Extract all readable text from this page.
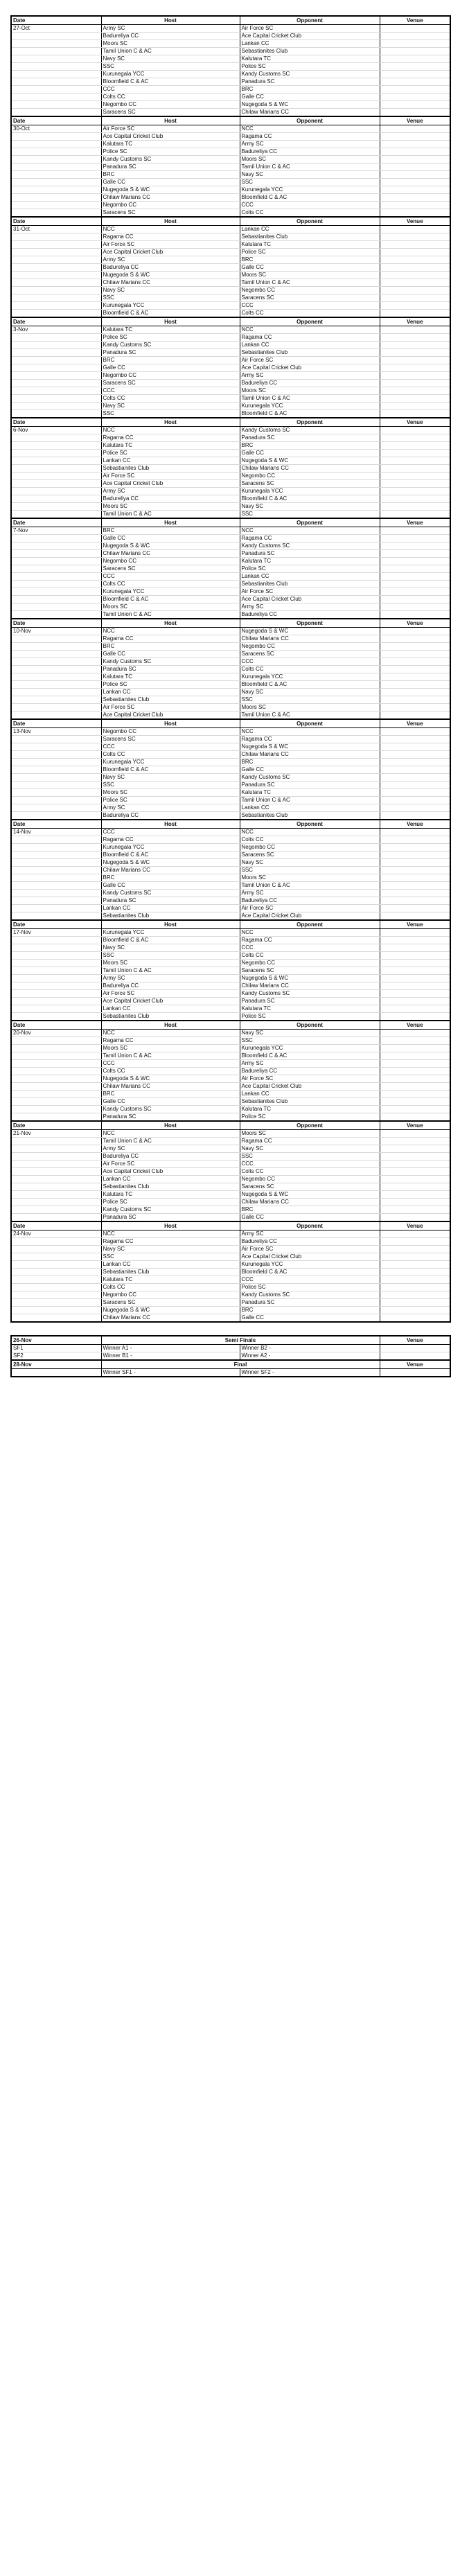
Date	Host	Opponent	Venue
27-Oct	Army SC	Air Force SC	
	Badureliya CC	Ace Capital Cricket Club	
	Moors SC	Lankan CC	
	Tamil Union C & AC	Sebastianites Club	
	Navy SC	Kalutara TC	
	SSC	Police SC	
	Kurunegala YCC	Kandy Customs SC	
	Bloomfield C & AC	Panadura SC	
	CCC	BRC	
	Colts CC	Galle CC	
	Negombo CC	Nugegoda S & WC	
	Saracens SC	Chilaw Marians CC	
Date	Host	Opponent	Venue
30-Oct	Air Force SC	NCC	
	Ace Capital Cricket Club	Ragama CC	
	Kalutara TC	Army SC	
	Police SC	Badureliya CC	
	Kandy Customs SC	Moors SC	
	Panadura SC	Tamil Union C & AC	
	BRC	Navy SC	
	Galle CC	SSC	
	Nugegoda S & WC	Kurunegala YCC	
	Chilaw Marians CC	Bloomfield C & AC	
	Negombo CC	CCC	
	Saracens SC	Colts CC	
Date	Host	Opponent	Venue
31-Oct	NCC	Lankan CC	
	Ragama CC	Sebastianites Club	
	Air Force SC	Kalutara TC	
	Ace Capital Cricket Club	Police SC	
	Army SC	BRC	
	Badureliya CC	Galle CC	
	Nugegoda S & WC	Moors SC	
	Chilaw Marians CC	Tamil Union C & AC	
	Navy SC	Negombo CC	
	SSC	Saracens SC	
	Kurunegala YCC	CCC	
	Bloomfield C & AC	Colts CC	
Date	Host	Opponent	Venue
3-Nov	Kalutara TC	NCC	
	Police SC	Ragama CC	
	Kandy Customs SC	Lankan CC	
	Panadura SC	Sebastianites Club	
	BRC	Air Force SC	
	Galle CC	Ace Capital Cricket Club	
	Negombo CC	Army SC	
	Saracens SC	Badureliya CC	
	CCC	Moors SC	
	Colts CC	Tamil Union C & AC	
	Navy SC	Kurunegala YCC	
	SSC	Bloomfield C & AC	
Date	Host	Opponent	Venue
6-Nov	NCC	Kandy Customs SC	
	Ragama CC	Panadura SC	
	Kalutara TC	BRC	
	Police SC	Galle CC	
	Lankan CC	Nugegoda S & WC	
	Sebastianites Club	Chilaw Marians CC	
	Air Force SC	Negombo CC	
	Ace Capital Cricket Club	Saracens SC	
	Army SC	Kurunegala YCC	
	Badureliya CC	Bloomfield C & AC	
	Moors SC	Navy SC	
	Tamil Union C & AC	SSC	
Date	Host	Opponent	Venue
7-Nov	BRC	NCC	
	Galle CC	Ragama CC	
	Nugegoda S & WC	Kandy Customs SC	
	Chilaw Marians CC	Panadura SC	
	Negombo CC	Kalutara TC	
	Saracens SC	Police SC	
	CCC	Lankan CC	
	Colts CC	Sebastianites Club	
	Kurunegala YCC	Air Force SC	
	Bloomfield C & AC	Ace Capital Cricket Club	
	Moors SC	Army SC	
	Tamil Union C & AC	Badureliya CC	
Date	Host	Opponent	Venue
10-Nov	NCC	Nugegoda S & WC	
	Ragama CC	Chilaw Marians CC	
	BRC	Negombo CC	
	Galle CC	Saracens SC	
	Kandy Customs SC	CCC	
	Panadura SC	Colts CC	
	Kalutara TC	Kurunegala YCC	
	Police SC	Bloomfield C & AC	
	Lankan CC	Navy SC	
	Sebastianites Club	SSC	
	Air Force SC	Moors SC	
	Ace Capital Cricket Club	Tamil Union C & AC	
Date	Host	Opponent	Venue
13-Nov	Negombo CC	NCC	
	Saracens SC	Ragama CC	
	CCC	Nugegoda S & WC	
	Colts CC	Chilaw Marians CC	
	Kurunegala YCC	BRC	
	Bloomfield C & AC	Galle CC	
	Navy SC	Kandy Customs SC	
	SSC	Panadura SC	
	Moors SC	Kalutara TC	
	Police SC	Tamil Union C & AC	
	Army SC	Lankan CC	
	Badureliya CC	Sebastianites Club	
Date	Host	Opponent	Venue
14-Nov	CCC	NCC	
	Ragama CC	Colts CC	
	Kurunegala YCC	Negombo CC	
	Bloomfield C & AC	Saracens SC	
	Nugegoda S & WC	Navy SC	
	Chilaw Marians CC	SSC	
	BRC	Moors SC	
	Galle CC	Tamil Union C & AC	
	Kandy Customs SC	Army SC	
	Panadura SC	Badureliya CC	
	Lankan CC	Air Force SC	
	Sebastianites Club	Ace Capital Cricket Club	
Date	Host	Opponent	Venue
17-Nov	Kurunegala YCC	NCC	
	Bloomfield C & AC	Ragama CC	
	Navy SC	CCC	
	SSC	Colts CC	
	Moors SC	Negombo CC	
	Tamil Union C & AC	Saracens SC	
	Army SC	Nugegoda S & WC	
	Badureliya CC	Chilaw Marians CC	
	Air Force SC	Kandy Customs SC	
	Ace Capital Cricket Club	Panadura SC	
	Lankan CC	Kalutara TC	
	Sebastianites Club	Police SC	
Date	Host	Opponent	Venue
20-Nov	NCC	Navy SC	
	Ragama CC	SSC	
	Moors SC	Kurunegala YCC	
	Tamil Union C & AC	Bloomfield C & AC	
	CCC	Army SC	
	Colts CC	Badureliya CC	
	Nugegoda S & WC	Air Force SC	
	Chilaw Marians CC	Ace Capital Cricket Club	
	BRC	Lankan CC	
	Galle CC	Sebastianites Club	
	Kandy Customs SC	Kalutara TC	
	Panadura SC	Police SC	
Date	Host	Opponent	Venue
21-Nov	NCC	Moors SC	
	Tamil Union C & AC	Ragama CC	
	Army SC	Navy SC	
	Badureliya CC	SSC	
	Air Force SC	CCC	
	Ace Capital Cricket Club	Colts CC	
	Lankan CC	Negombo CC	
	Sebastianites Club	Saracens SC	
	Kalutara TC	Nugegoda S & WC	
	Police SC	Chilaw Marians CC	
	Kandy Customs SC	BRC	
	Panadura SC	Galle CC	
Date	Host	Opponent	Venue
24-Nov	NCC	Army SC	
	Ragama CC	Badureliya CC	
	Navy SC	Air Force SC	
	SSC	Ace Capital Cricket Club	
	Lankan CC	Kurunegala YCC	
	Sebastianites Club	Bloomfield C & AC	
	Kalutara TC	CCC	
	Colts CC	Police SC	
	Negombo CC	Kandy Customs SC	
	Saracens SC	Panadura SC	
	Nugegoda S & WC	BRC	
	Chilaw Marians CC	Galle CC	
26-Nov	Semi Finals		Venue
SF1	Winner A1 -	Winner B2 -	
SF2	Winner B1 -	Winner A2 -	
28-Nov	Final		Venue
	Winner SF1 -	Winner SF2 -	
